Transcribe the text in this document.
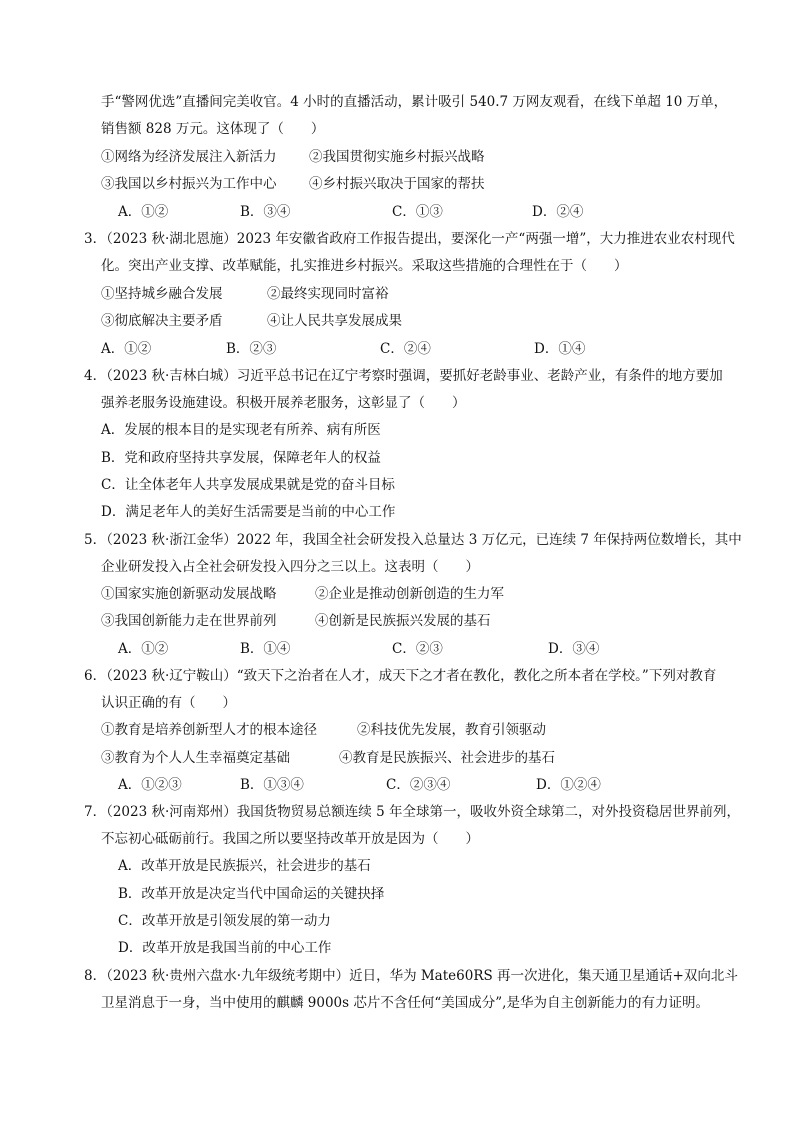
手“警网优选”直播间完美收官。4 小时的直播活动，累计吸引 540.7 万网友观看，在线下单超 10 万单，
销售额 828 万元。这体现了（　　）
①网络为经济发展注入新活力 ②我国贯彻实施乡村振兴战略
③我国以乡村振兴为工作中心 ④乡村振兴取决于国家的帮扶
A．①②	B．③④	C．①③	D．②④
3．（2023 秋·湖北恩施）2023 年安徽省政府工作报告提出，要深化一产“两强一增”，大力推进农业农村现代
化。突出产业支撑、改革赋能，扎实推进乡村振兴。采取这些措施的合理性在于（　　）
①坚持城乡融合发展	②最终实现同时富裕
③彻底解决主要矛盾	④让人民共享发展成果
A．①②	B．②③	C．②④	D．①④
4．（2023 秋·吉林白城）习近平总书记在辽宁考察时强调，要抓好老龄事业、老龄产业，有条件的地方要加
强养老服务设施建设。积极开展养老服务，这彰显了（　　）
A．发展的根本目的是实现老有所养、病有所医
B．党和政府坚持共享发展，保障老年人的权益
C．让全体老年人共享发展成果就是党的奋斗目标
D．满足老年人的美好生活需要是当前的中心工作
5．（2023 秋·浙江金华）2022 年，我国全社会研发投入总量达 3 万亿元，已连续 7 年保持两位数增长，其中
企业研发投入占全社会研发投入四分之三以上。这表明（　　）
①国家实施创新驱动发展战略	②企业是推动创新创造的生力军
③我国创新能力走在世界前列	④创新是民族振兴发展的基石
A．①②	B．①④	C．②③	D．③④
6．（2023 秋·辽宁鞍山）“致天下之治者在人才，成天下之才者在教化，教化之所本者在学校。”下列对教育
认识正确的有（　　）
①教育是培养创新型人才的根本途径	②科技优先发展，教育引领驱动
③教育为个人人生幸福奠定基础	④教育是民族振兴、社会进步的基石
A．①②③	B．①③④	C．②③④	D．①②④
7．（2023 秋·河南郑州）我国货物贸易总额连续 5 年全球第一，吸收外资全球第二，对外投资稳居世界前列，
不忘初心砥砺前行。我国之所以要坚持改革开放是因为（　　）
A．改革开放是民族振兴，社会进步的基石
B．改革开放是决定当代中国命运的关键抉择
C．改革开放是引领发展的第一动力
D．改革开放是我国当前的中心工作
8．（2023 秋·贵州六盘水·九年级统考期中）近日，华为 Mate60RS 再一次进化，集天通卫星通话+双向北斗
卫星消息于一身，当中使用的麒麟 9000s 芯片不含任何“美国成分”,是华为自主创新能力的有力证明。
